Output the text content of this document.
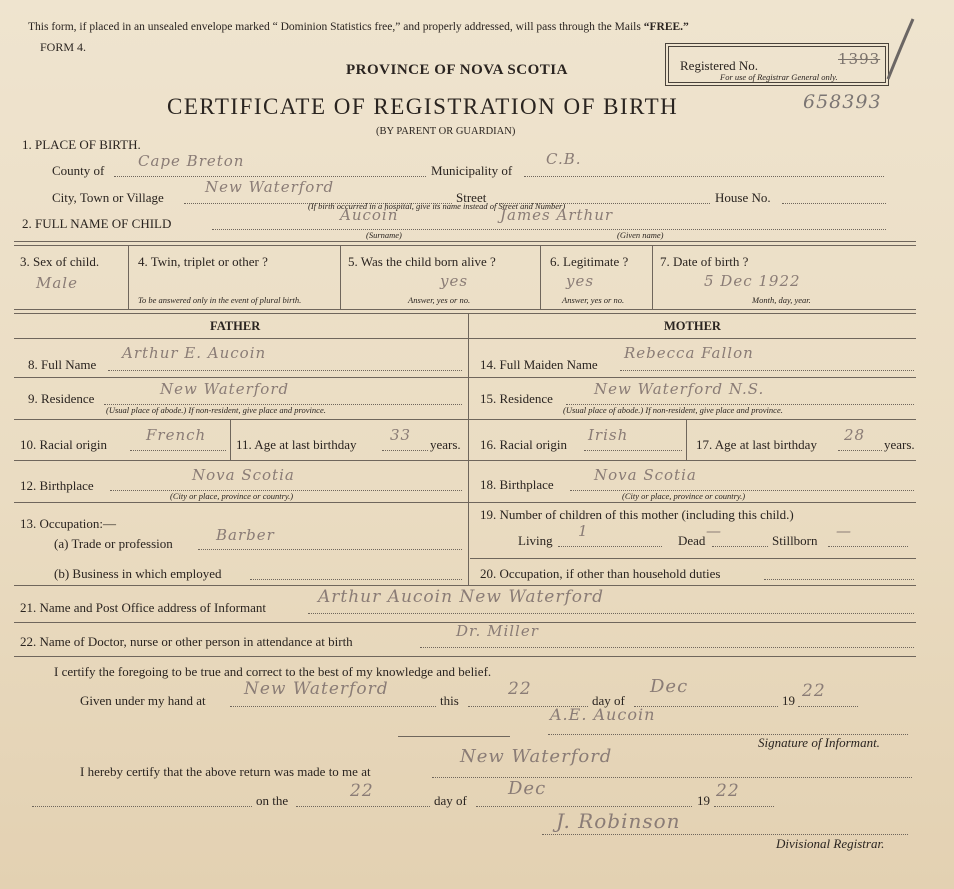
This form, if placed in an unsealed envelope marked “ Dominion Statistics free,” and properly addressed, will pass through the Mails “FREE.”
FORM 4.
Registered No.	1393
For use of Registrar General only.
PROVINCE OF NOVA SCOTIA
CERTIFICATE OF REGISTRATION OF BIRTH
(BY PARENT OR GUARDIAN)
658393
1. PLACE OF BIRTH.
County of
Cape Breton
Municipality of
C.B.
City, Town or Village
New Waterford
Street
(If birth occurred in a hospital, give its name instead of Street and Number)
House No.
2. FULL NAME OF CHILD	Aucoin	James Arthur
(Surname)	(Given name)
3. Sex of child.
Male
4. Twin, triplet or other ?
To be answered only in the event of plural birth.
5. Was the child born alive ?
yes
Answer, yes or no.
6. Legitimate ?
yes
Answer, yes or no.
7. Date of birth ?
5 Dec 1922
Month, day, year.
FATHER	MOTHER
8. Full Name
Arthur E. Aucoin
14. Full Maiden Name
Rebecca Fallon
9. Residence
New Waterford
(Usual place of abode.) If non-resident, give place and province.
15. Residence
New Waterford N.S.
(Usual place of abode.) If non-resident, give place and province.
10. Racial origin
French
11. Age at last birthday
33
years. 16. Racial origin
Irish
17. Age at last birthday
28
years.
12. Birthplace
Nova Scotia
(City or place, province or country.)
18. Birthplace
Nova Scotia
(City or place, province or country.)
13. Occupation:—
(a) Trade or profession	Barber
(b) Business in which employed
19. Number of children of this mother (including this child.)
Living
1
Dead
—
Stillborn
—
20. Occupation, if other than household duties
21. Name and Post Office address of Informant
Arthur Aucoin New Waterford
22. Name of Doctor, nurse or other person in attendance at birth
Dr. Miller
I certify the foregoing to be true and correct to the best of my knowledge and belief.
Given under my hand at
New Waterford
this
22
day of
Dec
19 22
A.E. Aucoin
Signature of Informant.
I hereby certify that the above return was made to me at
New Waterford
on the	22	day of
Dec
19 22
J. Robinson
Divisional Registrar.
